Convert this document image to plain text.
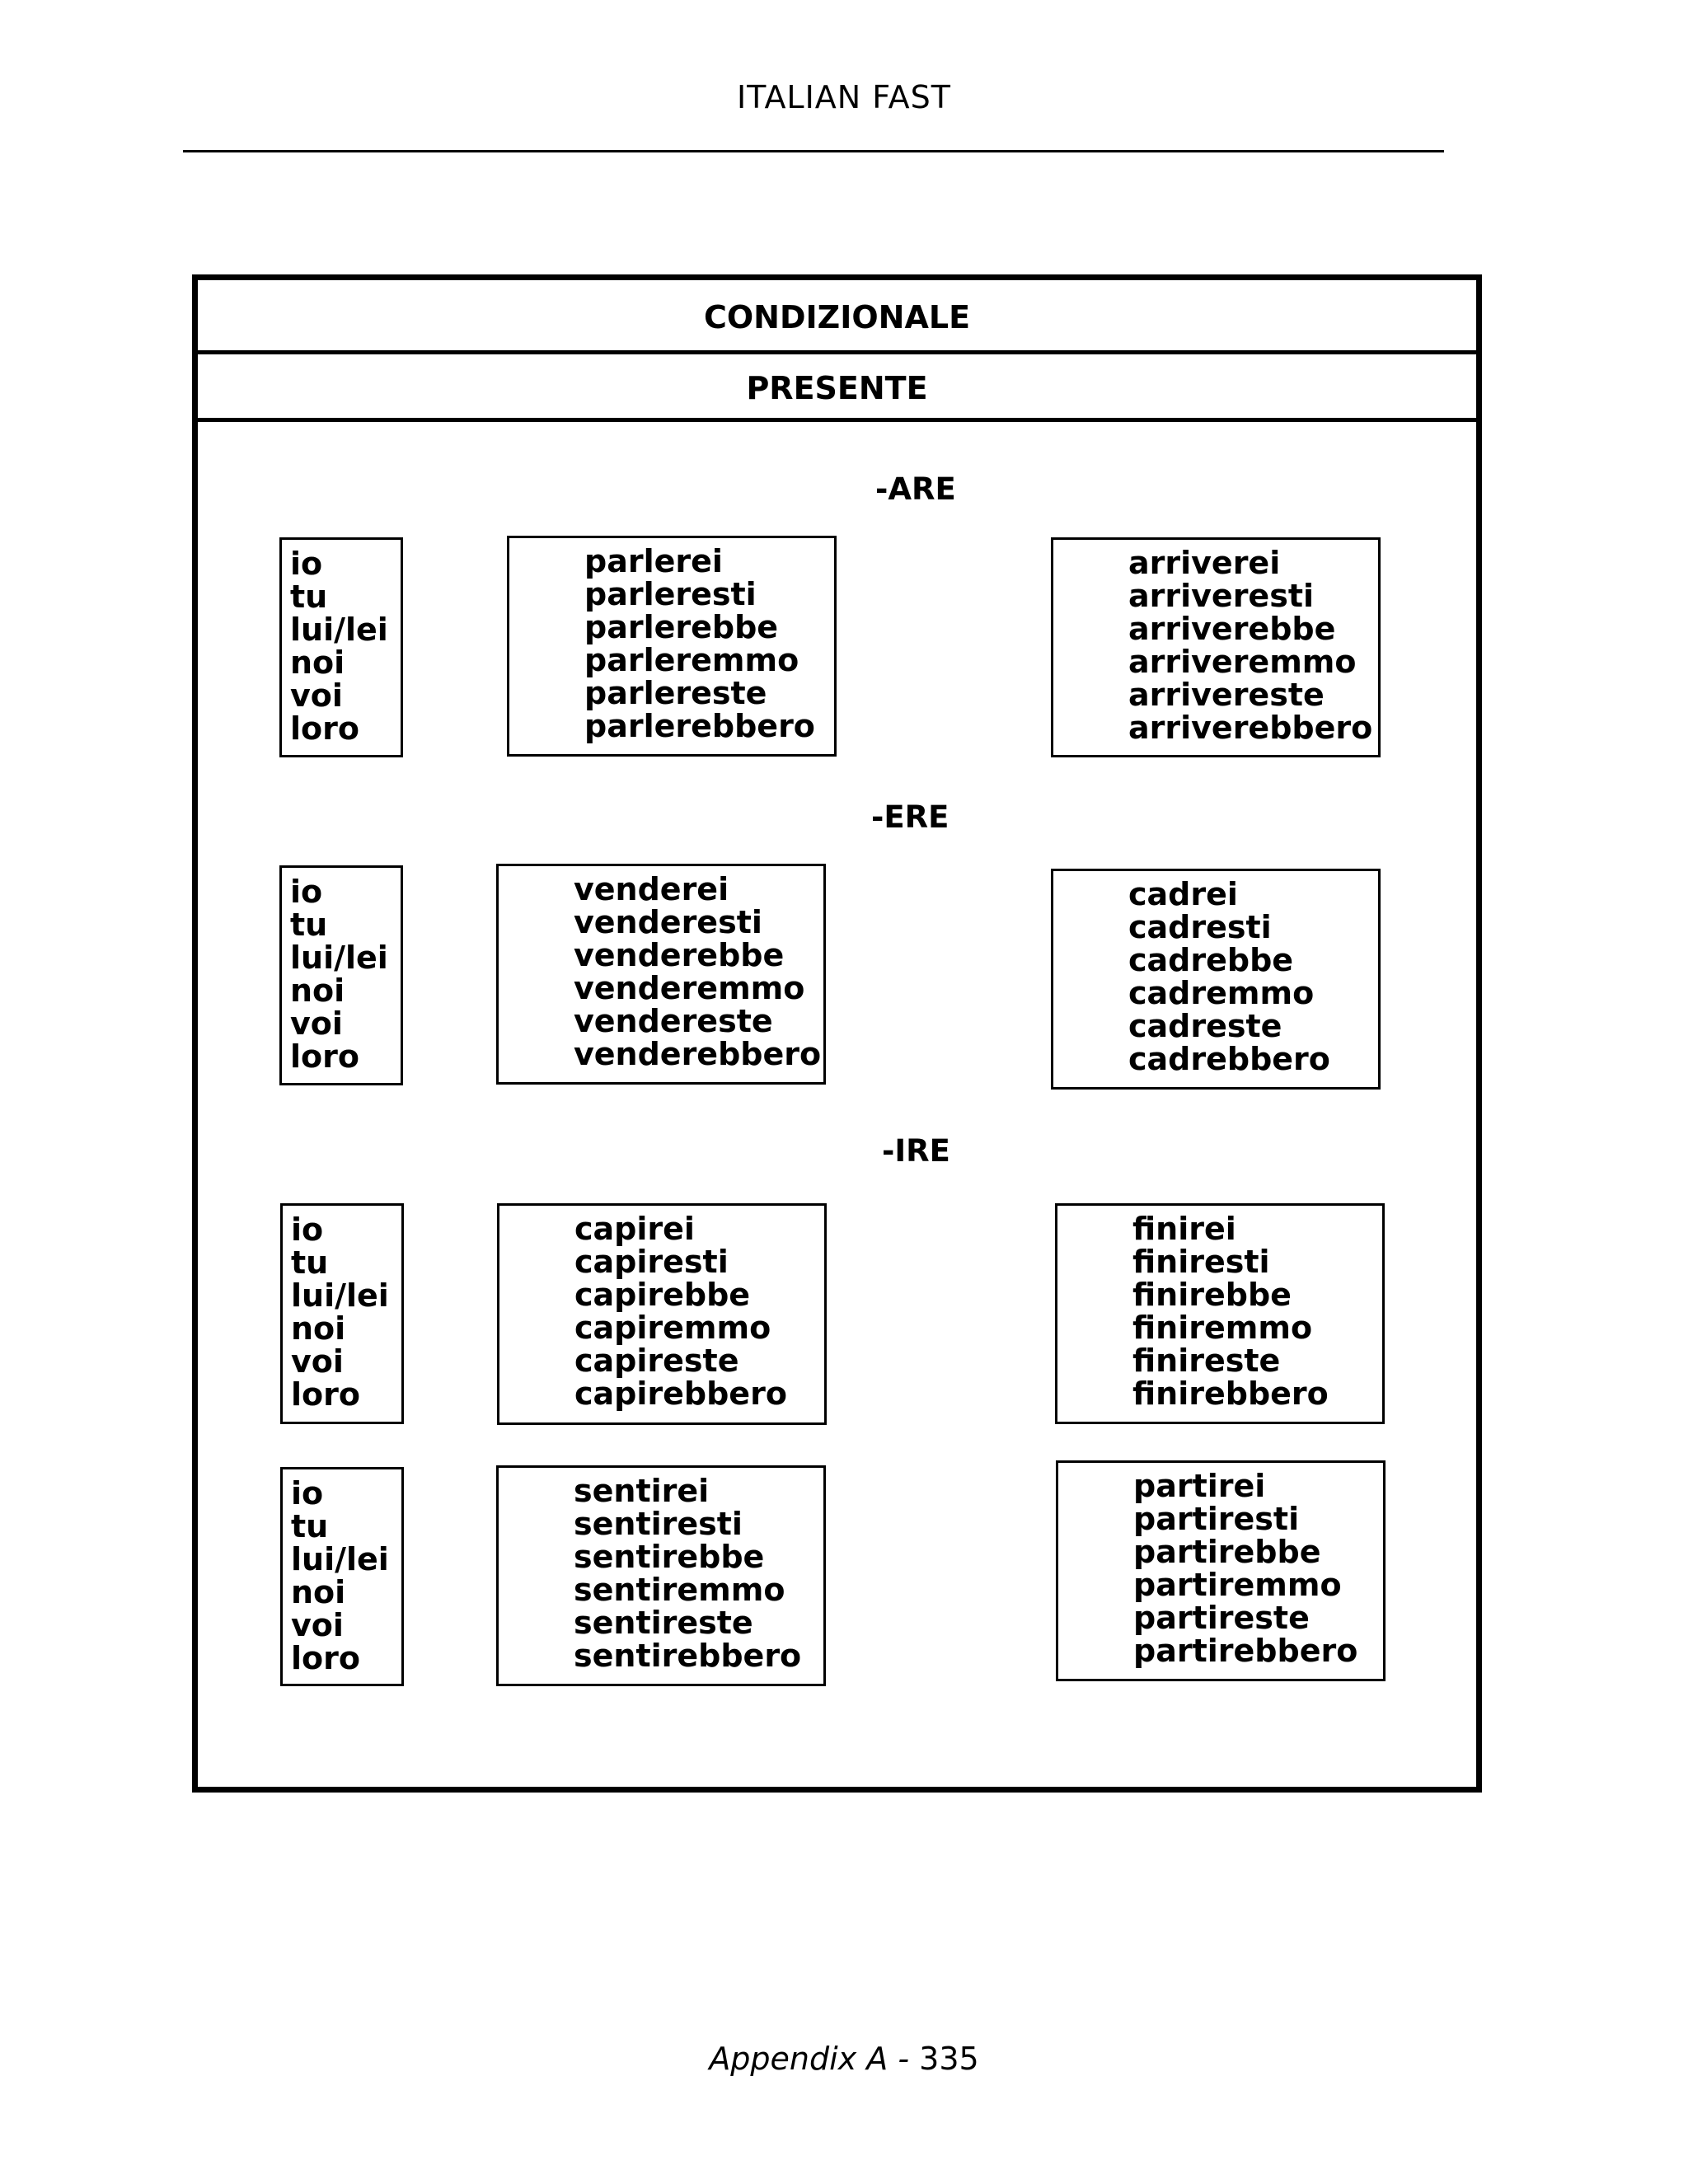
ITALIAN FAST
CONDIZIONALE
PRESENTE
-ARE
io
tu
lui/lei
noi
voi
loro
parlerei
parleresti
parlerebbe
parleremmo
parlereste
parlerebbero
arriverei
arriveresti
arriverebbe
arriveremmo
arrivereste
arriverebbero
-ERE
io
tu
lui/lei
noi
voi
loro
venderei
venderesti
venderebbe
venderemmo
vendereste
venderebbero
cadrei
cadresti
cadrebbe
cadremmo
cadreste
cadrebbero
-IRE
io
tu
lui/lei
noi
voi
loro
capirei
capiresti
capirebbe
capiremmo
capireste
capirebbero
finirei
finiresti
finirebbe
finiremmo
finireste
finirebbero
io
tu
lui/lei
noi
voi
loro
sentirei
sentiresti
sentirebbe
sentiremmo
sentireste
sentirebbero
partirei
partiresti
partirebbe
partiremmo
partireste
partirebbero
Appendix A - 335
